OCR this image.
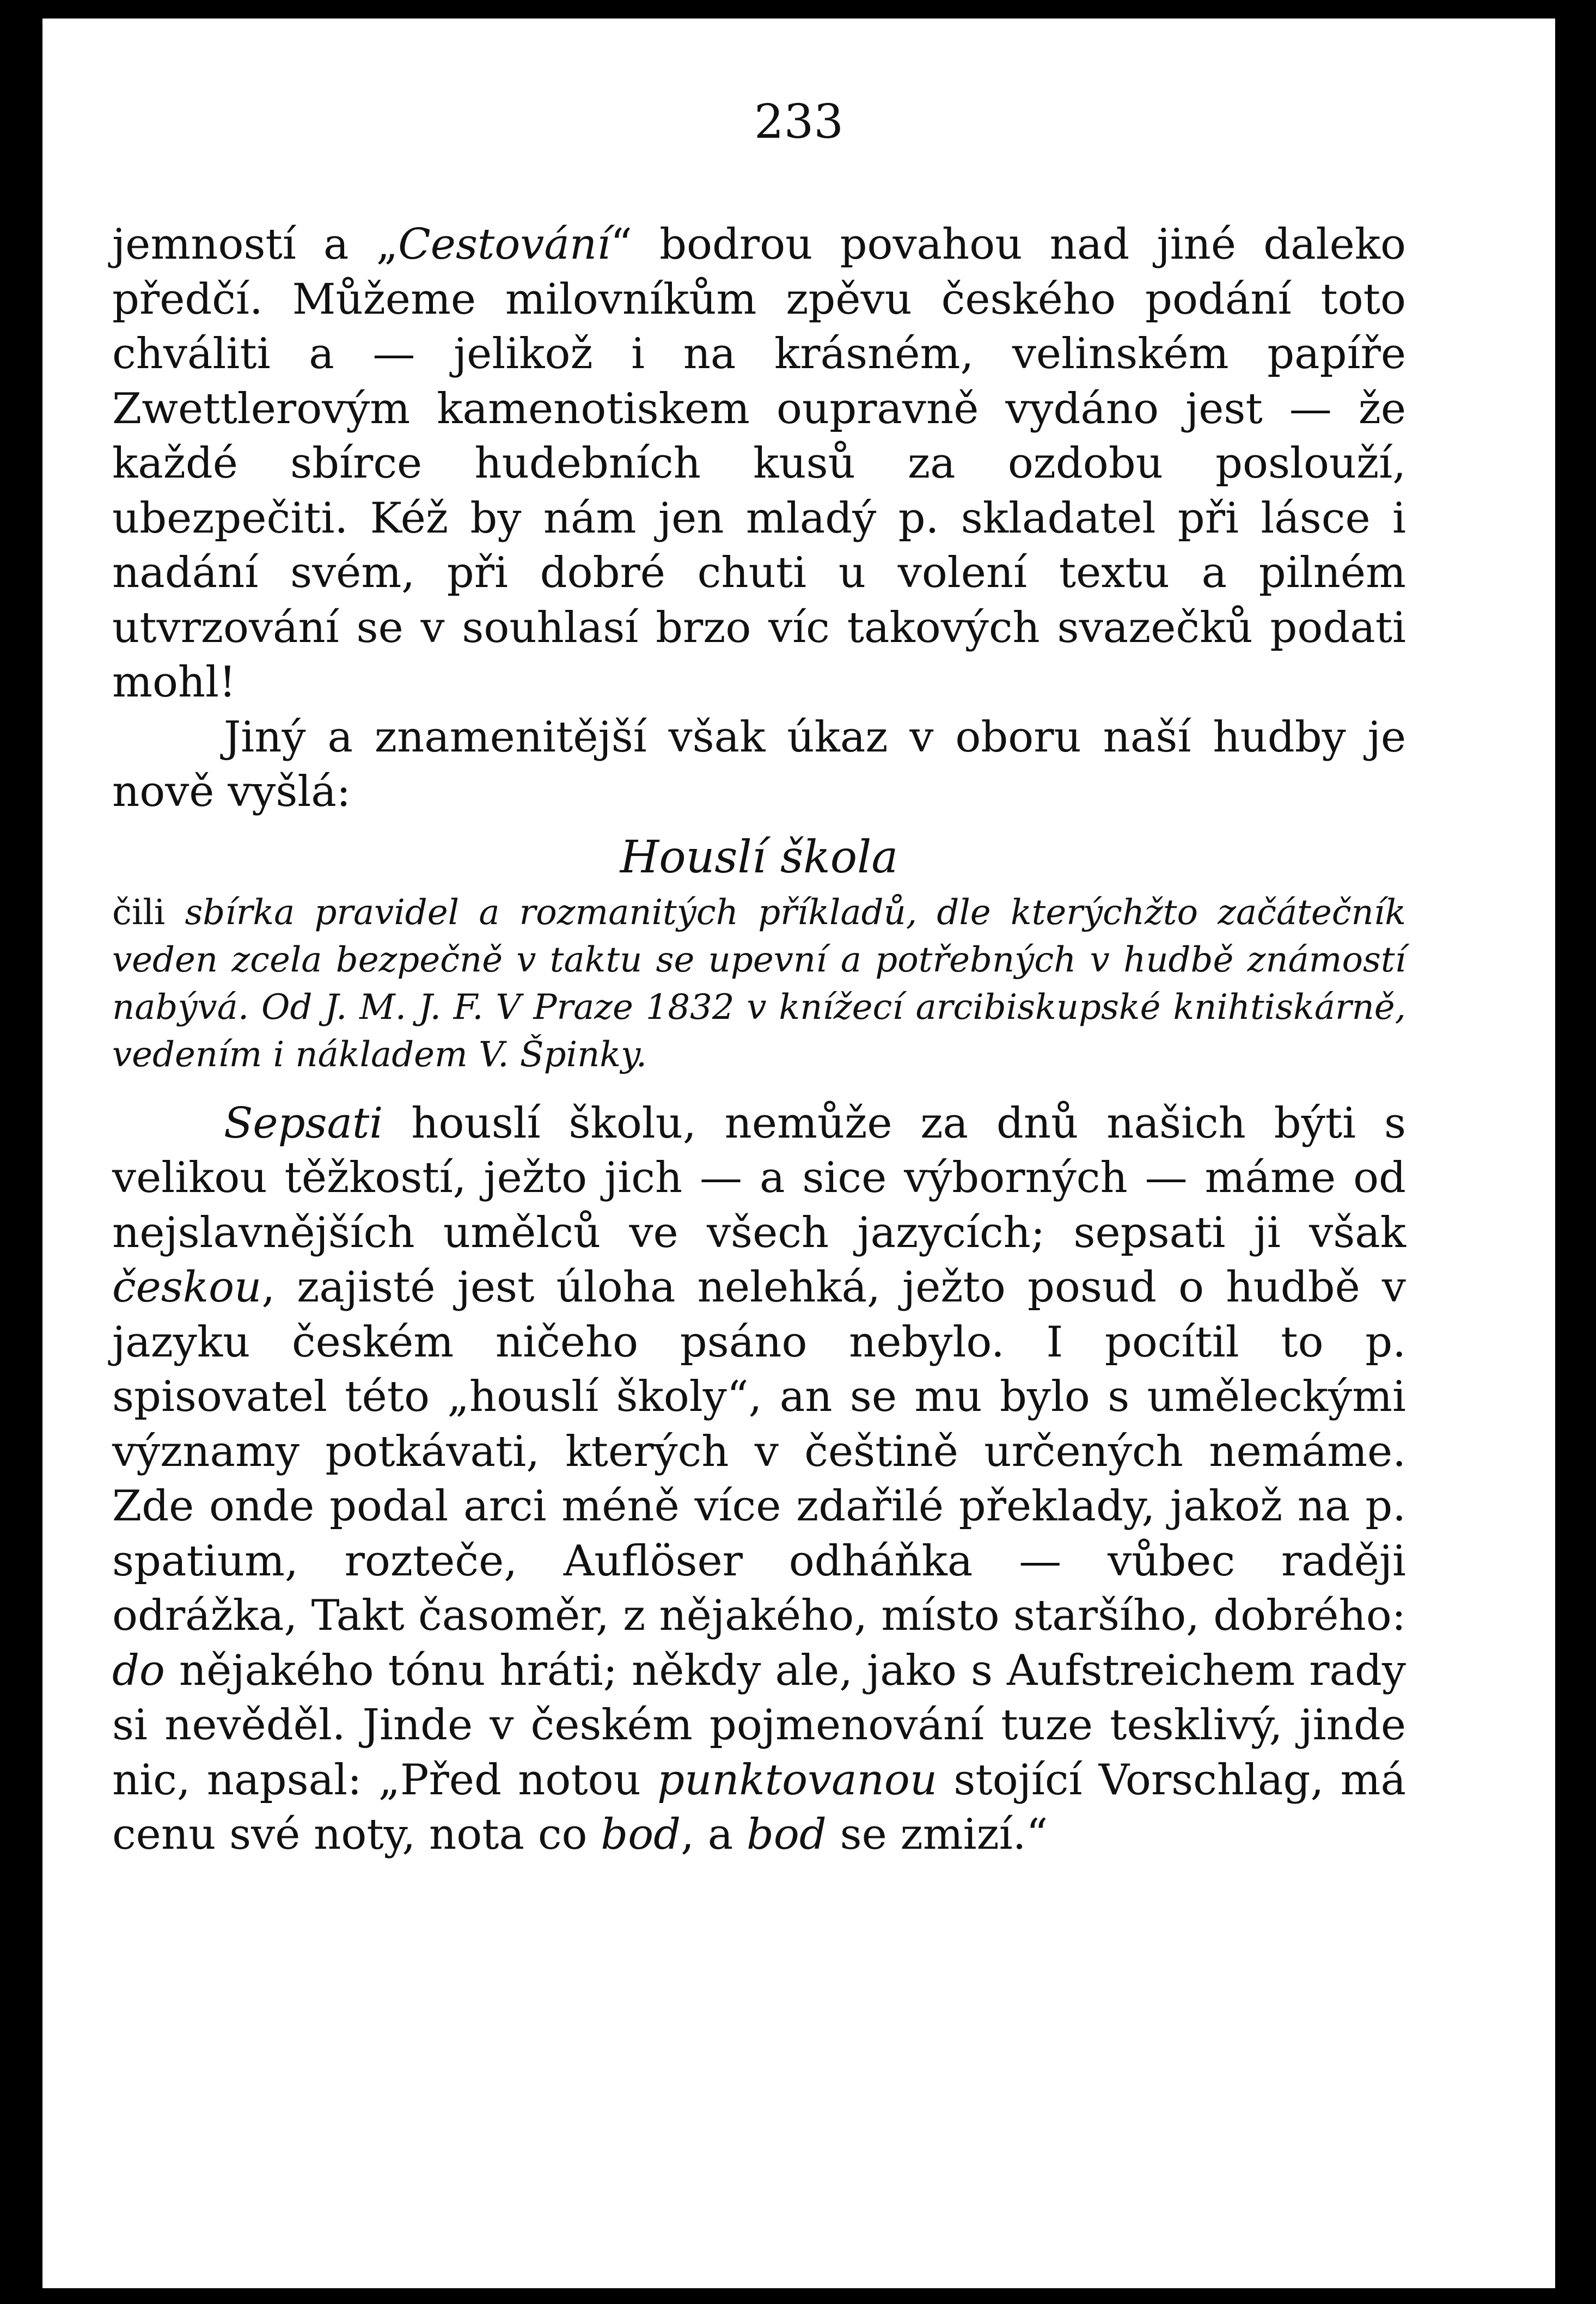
233

jemností a „Cestování“ bodrou povahou nad jiné daleko předčí. Můžeme milovníkům zpěvu českého podání toto chváliti a — jelikož i na krásném, velinském papíře Zwettlerovým kamenotiskem oupravně vydáno jest — že každé sbírce hudebních kusů za ozdobu poslouží, ubezpečiti. Kéž by nám jen mladý p. skladatel při lásce i nadání svém, při dobré chuti u volení textu a pilném utvrzování se v souhlasí brzo víc takových svazečků podati mohl!

Jiný a znamenitější však úkaz v oboru naší hudby je nově vyšlá:

Houslí škola

čili sbírka pravidel a rozmanitých příkladů, dle kterýchžto začátečník veden zcela bezpečně v taktu se upevní a potřebných v hudbě známostí nabývá. Od J. M. J. F. V Praze 1832 v knížecí arcibiskupské knihtiskárně, vedením i nákladem V. Špinky.

Sepsati houslí školu, nemůže za dnů našich býti s velikou těžkostí, ježto jich — a sice výborných — máme od nejslavnějších umělců ve všech jazycích; sepsati ji však českou, zajisté jest úloha nelehká, ježto posud o hudbě v jazyku českém ničeho psáno nebylo. I pocítil to p. spisovatel této „houslí školy“, an se mu bylo s uměleckými významy potkávati, kterých v češtině určených nemáme. Zde onde podal arci méně více zdařilé překlady, jakož na p. spatium, rozteče, Auflöser odháňka — vůbec raději odrážka, Takt časoměr, z nějakého, místo staršího, dobrého: do nějakého tónu hráti; někdy ale, jako s Aufstreichem rady si nevěděl. Jinde v českém pojmenování tuze tesklivý, jinde nic, napsal: „Před notou punktovanou stojící Vorschlag, má cenu své noty, nota co bod, a bod se zmizí.“
